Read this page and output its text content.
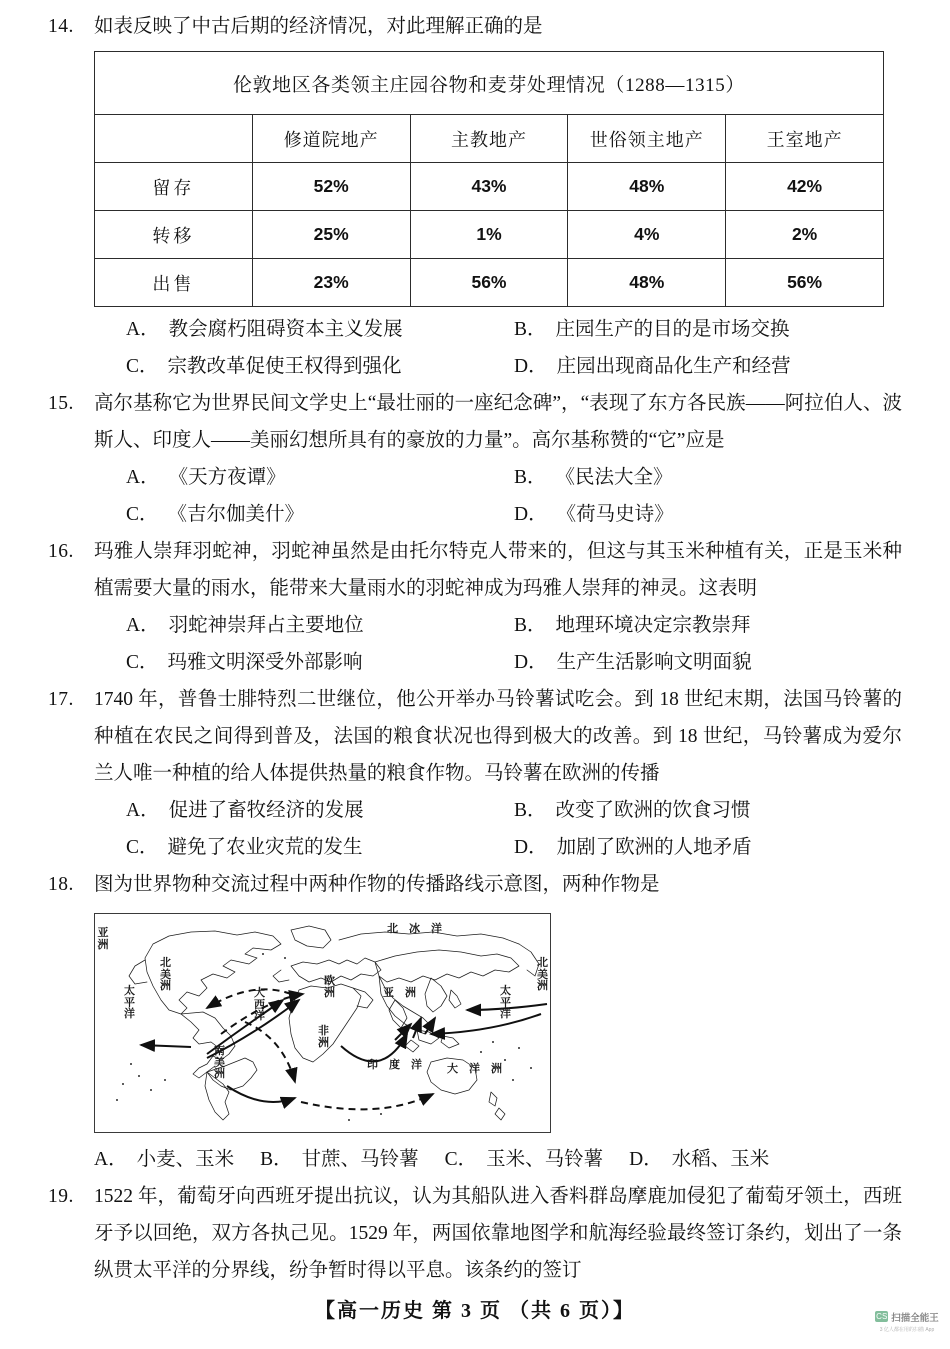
14.	如表反映了中古后期的经济情况，对此理解正确的是

伦敦地区各类领主庄园谷物和麦芽处理情况（1288—1315）				
	修道院地产	主教地产	世俗领主地产	王室地产
留存	52%	43%	48%	42%
转移	25%	1%	4%	2%
出售	23%	56%	48%	56%
A． 教会腐朽阻碍资本主义发展	B． 庄园生产的目的是市场交换
C． 宗教改革促使王权得到强化	D． 庄园出现商品化生产和经营
15.	高尔基称它为世界民间文学史上“最壮丽的一座纪念碑”，“表现了东方各民族——阿拉伯人、波斯人、印度人——美丽幻想所具有的豪放的力量”。高尔基称赞的“它”应是

A． 《天方夜谭》	B． 《民法大全》
C． 《吉尔伽美什》	D． 《荷马史诗》
16.	玛雅人崇拜羽蛇神，羽蛇神虽然是由托尔特克人带来的，但这与其玉米种植有关，正是玉米种植需要大量的雨水，能带来大量雨水的羽蛇神成为玛雅人崇拜的神灵。这表明

A． 羽蛇神崇拜占主要地位	B． 地理环境决定宗教崇拜
C． 玛雅文明深受外部影响	D． 生产生活影响文明面貌
17.	1740 年，普鲁士腓特烈二世继位，他公开举办马铃薯试吃会。到 18 世纪末期，法国马铃薯的种植在农民之间得到普及，法国的粮食状况也得到极大的改善。到 18 世纪，马铃薯成为爱尔兰人唯一种植的给人体提供热量的粮食作物。马铃薯在欧洲的传播

A． 促进了畜牧经济的发展	B． 改变了欧洲的饮食习惯
C． 避免了农业灾荒的发生	D． 加剧了欧洲的人地矛盾
18.	图为世界物种交流过程中两种作物的传播路线示意图，两种作物是

亚洲
北美洲
南美洲
欧洲
非洲
亚　洲
北　冰　洋
太平洋
太平洋
大西洋
印　度　洋 大　洋　洲
北美洲
A． 小麦、玉米 B． 甘蔗、马铃薯 C． 玉米、马铃薯 D． 水稻、玉米
19.	1522 年，葡萄牙向西班牙提出抗议，认为其船队进入香料群岛摩鹿加侵犯了葡萄牙领土，西班牙予以回绝，双方各执己见。1529 年，两国依靠地图学和航海经验最终签订条约，划出了一条纵贯太平洋的分界线，纷争暂时得以平息。该条约的签订

【高一历史 第 3 页 （共 6 页）】	CS 扫描全能王
3 亿人都在用的扫描 App
